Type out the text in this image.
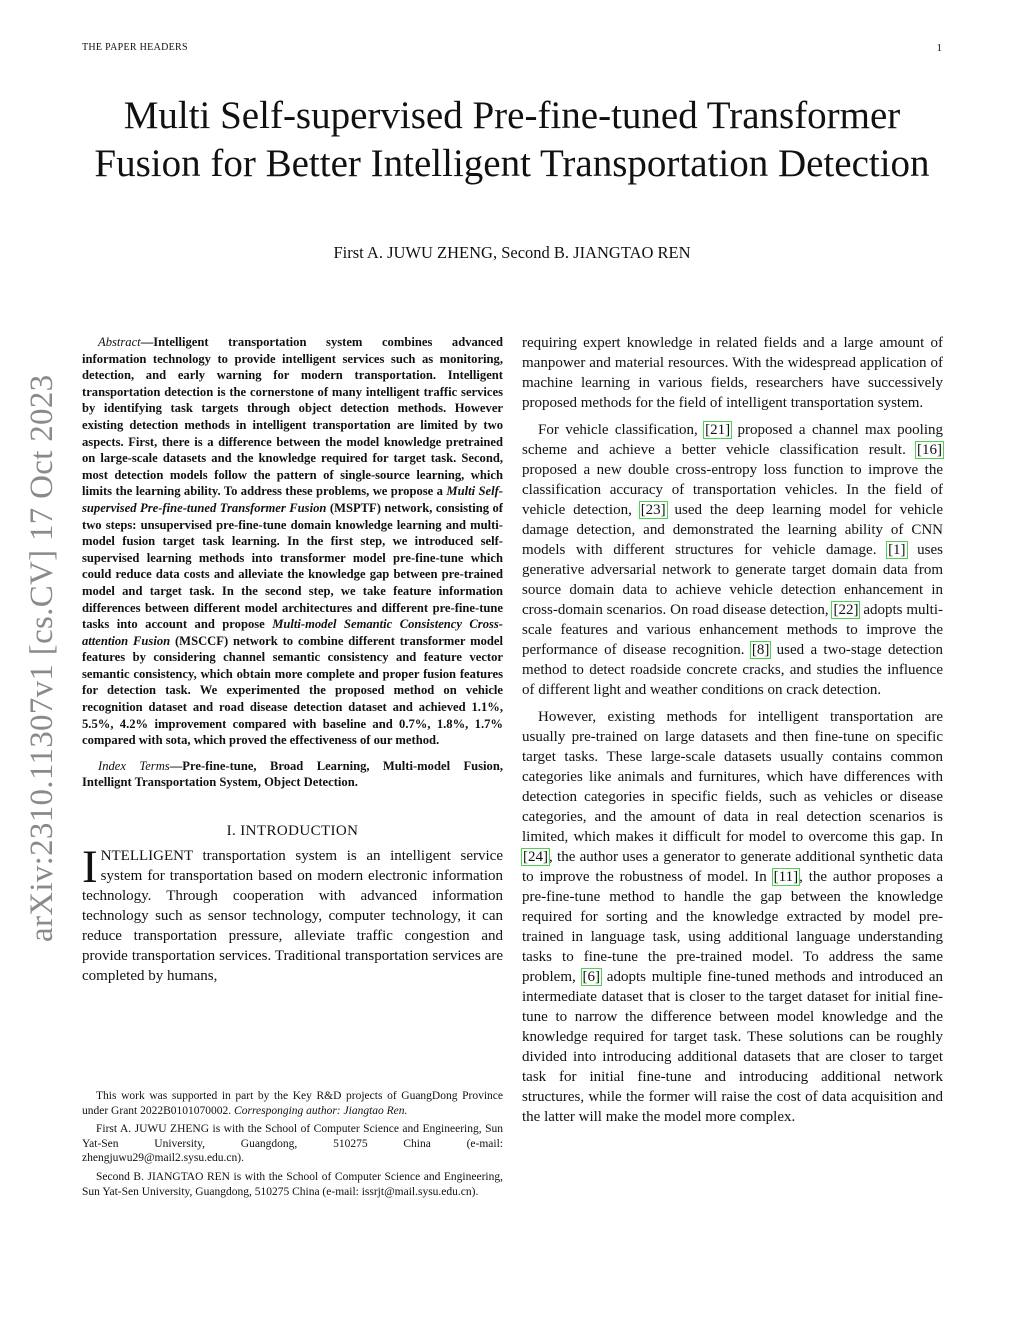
THE PAPER HEADERS	1
arXiv:2310.11307v1 [cs.CV] 17 Oct 2023
Multi Self-supervised Pre-fine-tuned Transformer Fusion for Better Intelligent Transportation Detection
First A. JUWU ZHENG, Second B. JIANGTAO REN

Abstract—Intelligent transportation system combines advanced information technology to provide intelligent services such as monitoring, detection, and early warning for modern transportation. Intelligent transportation detection is the cornerstone of many intelligent traffic services by identifying task targets through object detection methods. However existing detection methods in intelligent transportation are limited by two aspects. First, there is a difference between the model knowledge pretrained on large-scale datasets and the knowledge required for target task. Second, most detection models follow the pattern of single-source learning, which limits the learning ability. To address these problems, we propose a Multi Self-supervised Pre-fine-tuned Transformer Fusion (MSPTF) network, consisting of two steps: unsupervised pre-fine-tune domain knowledge learning and multi-model fusion target task learning. In the first step, we introduced self-supervised learning methods into transformer model pre-fine-tune which could reduce data costs and alleviate the knowledge gap between pre-trained model and target task. In the second step, we take feature information differences between different model architectures and different pre-fine-tune tasks into account and propose Multi-model Semantic Consistency Cross-attention Fusion (MSCCF) network to combine different transformer model features by considering channel semantic consistency and feature vector semantic consistency, which obtain more complete and proper fusion features for detection task. We experimented the proposed method on vehicle recognition dataset and road disease detection dataset and achieved 1.1%, 5.5%, 4.2% improvement compared with baseline and 0.7%, 1.8%, 1.7% compared with sota, which proved the effectiveness of our method.

Index Terms—Pre-fine-tune, Broad Learning, Multi-model Fusion, Intellignt Transportation System, Object Detection.

I. INTRODUCTION

INTELLIGENT transportation system is an intelligent service system for transportation based on modern electronic information technology. Through cooperation with advanced information technology such as sensor technology, computer technology, it can reduce transportation pressure, alleviate traffic congestion and provide transportation services. Traditional transportation services are completed by humans,

This work was supported in part by the Key R&D projects of GuangDong Province under Grant 2022B0101070002. Corresponging author: Jiangtao Ren.

First A. JUWU ZHENG is with the School of Computer Science and Engineering, Sun Yat-Sen University, Guangdong, 510275 China (e-mail: zhengjuwu29@mail2.sysu.edu.cn).

Second B. JIANGTAO REN is with the School of Computer Science and Engineering, Sun Yat-Sen University, Guangdong, 510275 China (e-mail: issrjt@mail.sysu.edu.cn).

requiring expert knowledge in related fields and a large amount of manpower and material resources. With the widespread application of machine learning in various fields, researchers have successively proposed methods for the field of intelligent transportation system.

For vehicle classification, [21] proposed a channel max pooling scheme and achieve a better vehicle classification result. [16] proposed a new double cross-entropy loss function to improve the classification accuracy of transportation vehicles. In the field of vehicle detection, [23] used the deep learning model for vehicle damage detection, and demonstrated the learning ability of CNN models with different structures for vehicle damage. [1] uses generative adversarial network to generate target domain data from source domain data to achieve vehicle detection enhancement in cross-domain scenarios. On road disease detection, [22] adopts multi-scale features and various enhancement methods to improve the performance of disease recognition. [8] used a two-stage detection method to detect roadside concrete cracks, and studies the influence of different light and weather conditions on crack detection.

However, existing methods for intelligent transportation are usually pre-trained on large datasets and then fine-tune on specific target tasks. These large-scale datasets usually contains common categories like animals and furnitures, which have differences with detection categories in specific fields, such as vehicles or disease categories, and the amount of data in real detection scenarios is limited, which makes it difficult for model to overcome this gap. In [24], the author uses a generator to generate additional synthetic data to improve the robustness of model. In [11], the author proposes a pre-fine-tune method to handle the gap between the knowledge required for sorting and the knowledge extracted by model pre-trained in language task, using additional language understanding tasks to fine-tune the pre-trained model. To address the same problem, [6] adopts multiple fine-tuned methods and introduced an intermediate dataset that is closer to the target dataset for initial fine-tune to narrow the difference between model knowledge and the knowledge required for target task. These solutions can be roughly divided into introducing additional datasets that are closer to target task for initial fine-tune and introducing additional network structures, while the former will raise the cost of data acquisition and the latter will make the model more complex.
